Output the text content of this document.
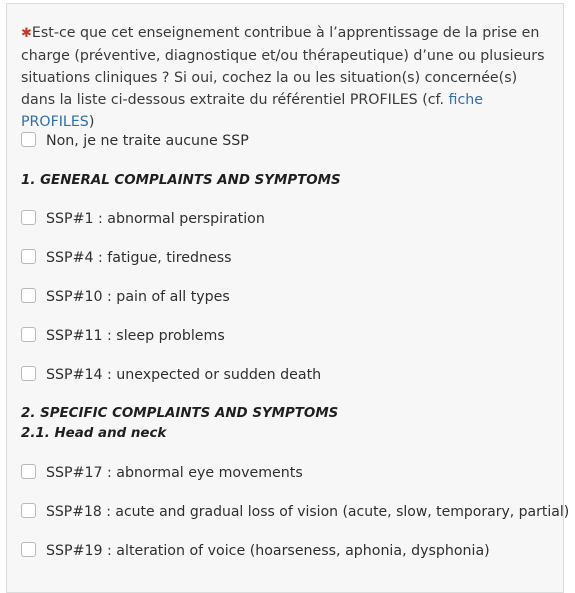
✱Est-ce que cet enseignement contribue à l’apprentissage de la prise en charge (préventive, diagnostique et/ou thérapeutique) d’une ou plusieurs situations cliniques ? Si oui, cochez la ou les situation(s) concernée(s) dans la liste ci-dessous extraite du référentiel PROFILES (cf. fiche PROFILES)
Non, je ne traite aucune SSP
1. GENERAL COMPLAINTS AND SYMPTOMS
SSP#1 : abnormal perspiration
SSP#4 : fatigue, tiredness
SSP#10 : pain of all types
SSP#11 : sleep problems
SSP#14 : unexpected or sudden death
2. SPECIFIC COMPLAINTS AND SYMPTOMS
2.1. Head and neck
SSP#17 : abnormal eye movements
SSP#18 : acute and gradual loss of vision (acute, slow, temporary, partial)
SSP#19 : alteration of voice (hoarseness, aphonia, dysphonia)
